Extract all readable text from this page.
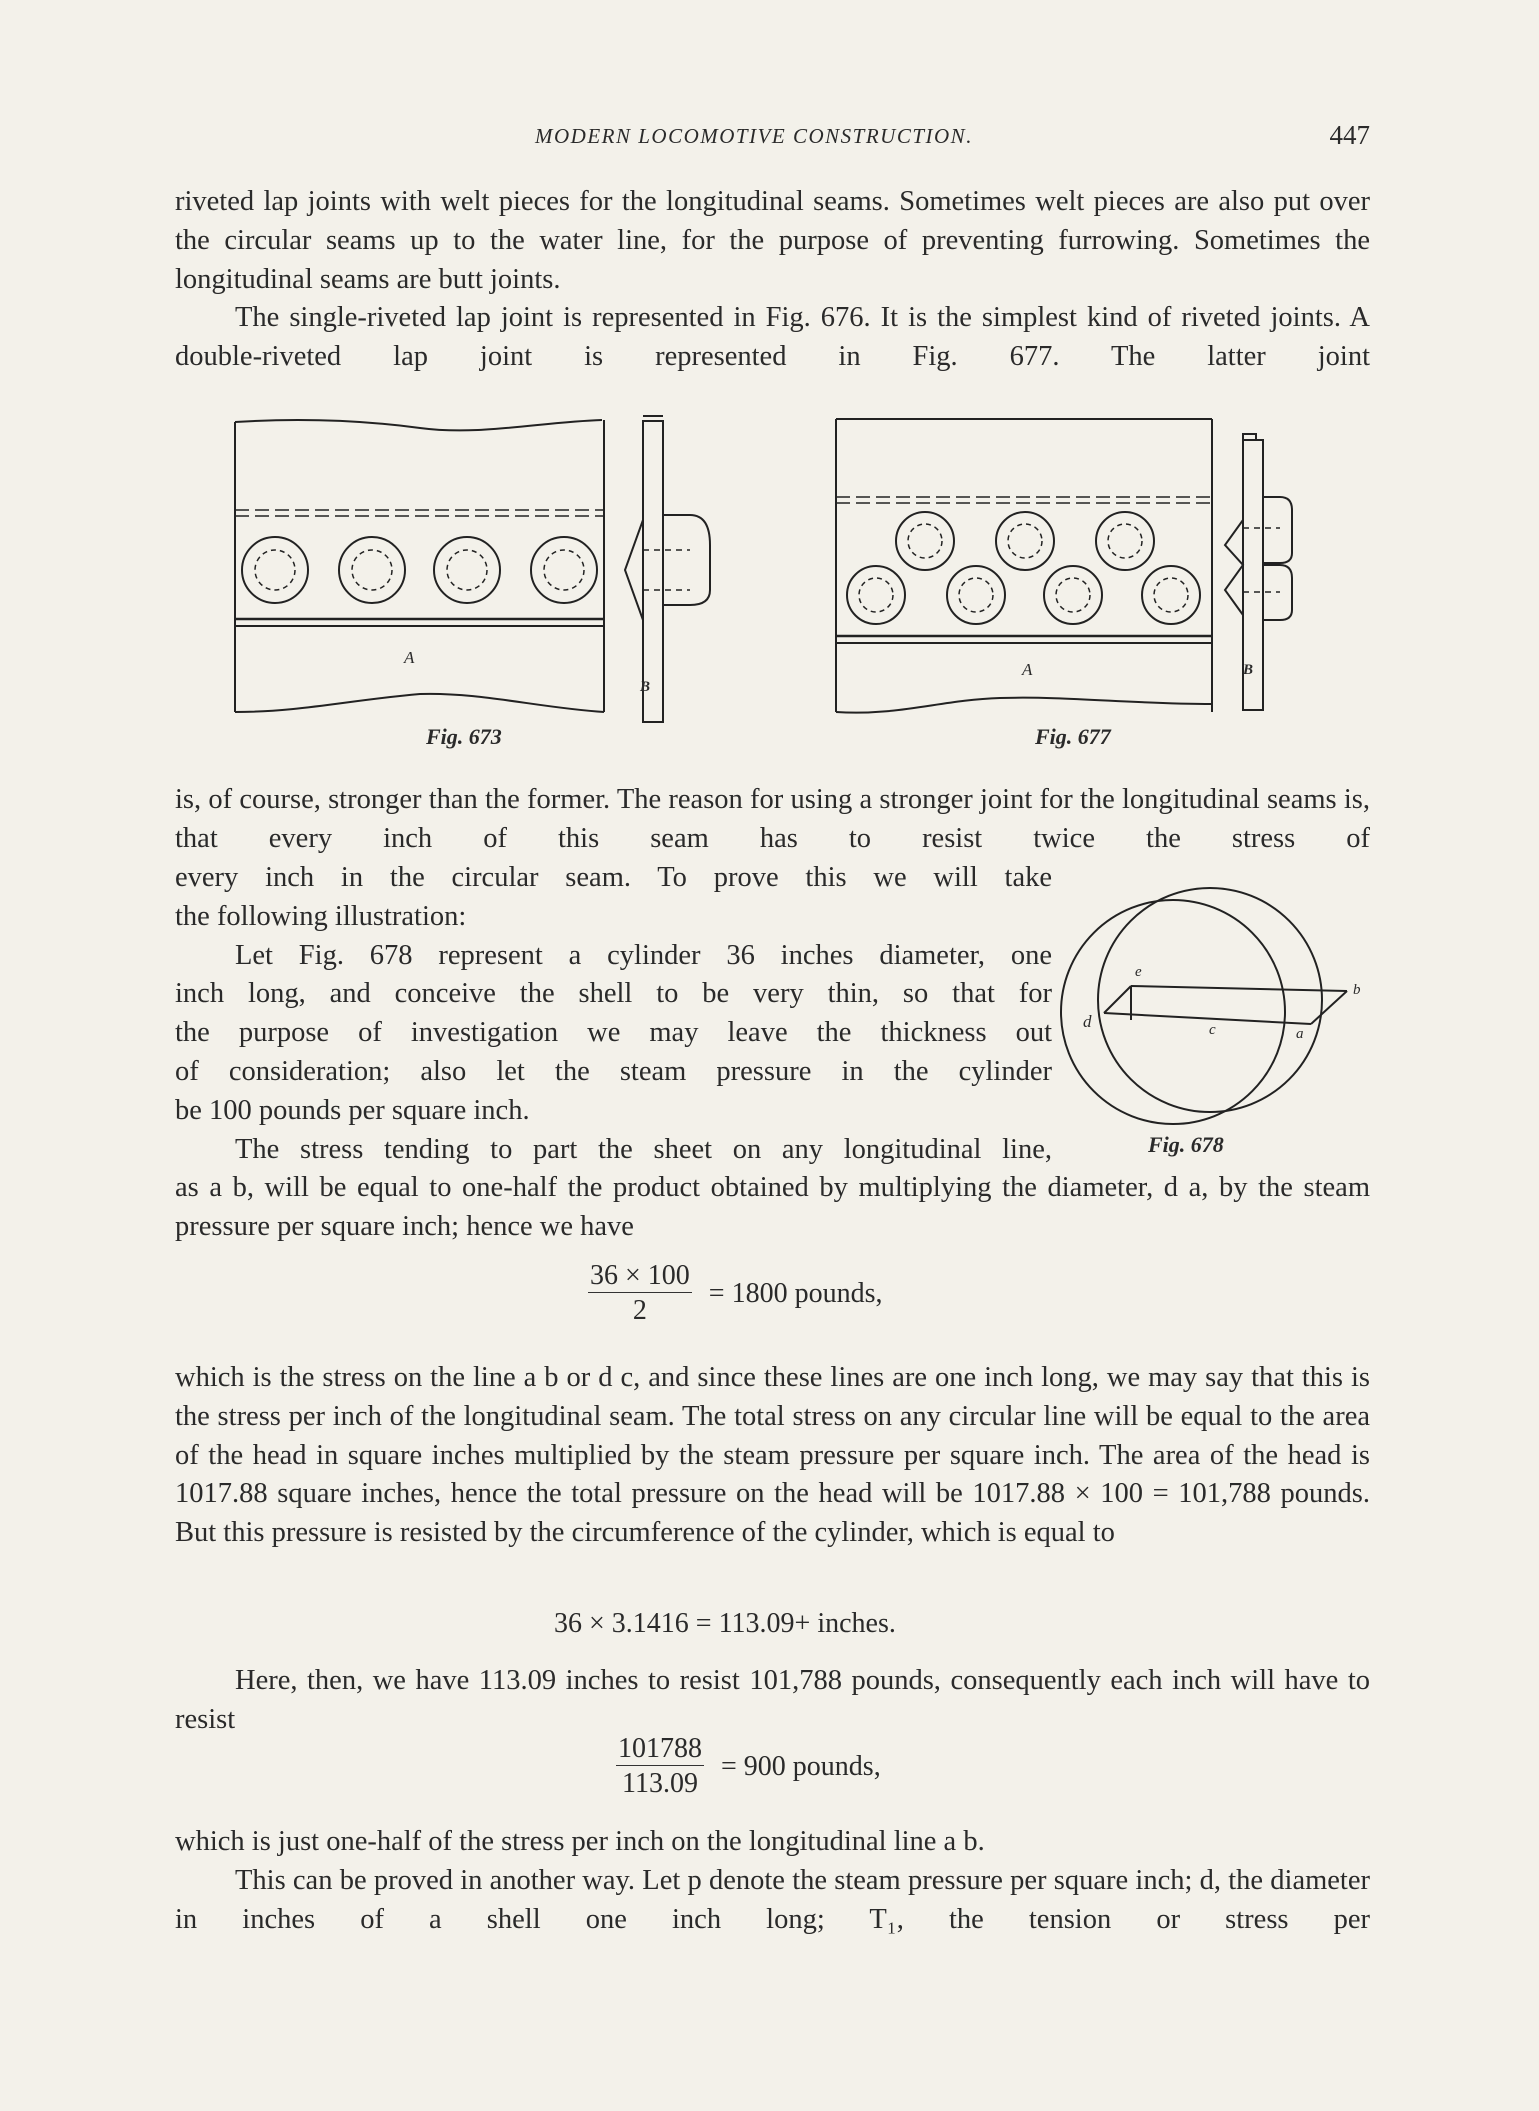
MODERN LOCOMOTIVE CONSTRUCTION.	447

riveted lap joints with welt pieces for the longitudinal seams. Sometimes welt pieces are also put over the circular seams up to the water line, for the purpose of preventing furrowing. Sometimes the longitudinal seams are butt joints.

The single-riveted lap joint is represented in Fig. 676. It is the simplest kind of riveted joints. A double-riveted lap joint is represented in Fig. 677. The latter joint

A
B
Fig. 673
A	B
Fig. 677

is, of course, stronger than the former. The reason for using a stronger joint for the longitudinal seams is, that every inch of this seam has to resist twice the stress of

every inch in the circular seam. To prove this we will take
the following illustration:
Let Fig. 678 represent a cylinder 36 inches diameter, one
inch long, and conceive the shell to be very thin, so that for
the purpose of investigation we may leave the thickness out
of consideration; also let the steam pressure in the cylinder
be 100 pounds per square inch.
The stress tending to part the sheet on any longitudinal line,
e
b
d	c	a
Fig. 678

as a b, will be equal to one-half the product obtained by multiplying the diameter, d a, by the steam pressure per square inch; hence we have

$\frac{36 \times 100}{2} = 1800$ pounds,

which is the stress on the line a b or d c, and since these lines are one inch long, we may say that this is the stress per inch of the longitudinal seam. The total stress on any circular line will be equal to the area of the head in square inches multiplied by the steam pressure per square inch. The area of the head is 1017.88 square inches, hence the total pressure on the head will be 1017.88 × 100 = 101,788 pounds. But this pressure is resisted by the circumference of the cylinder, which is equal to

36 × 3.1416 = 113.09+ inches.

Here, then, we have 113.09 inches to resist 101,788 pounds, consequently each inch will have to resist

$\frac{101788}{113.09} = 900$ pounds,

which is just one-half of the stress per inch on the longitudinal line a b.

This can be proved in another way. Let p denote the steam pressure per square inch; d, the diameter in inches of a shell one inch long; T₁, the tension or stress per
